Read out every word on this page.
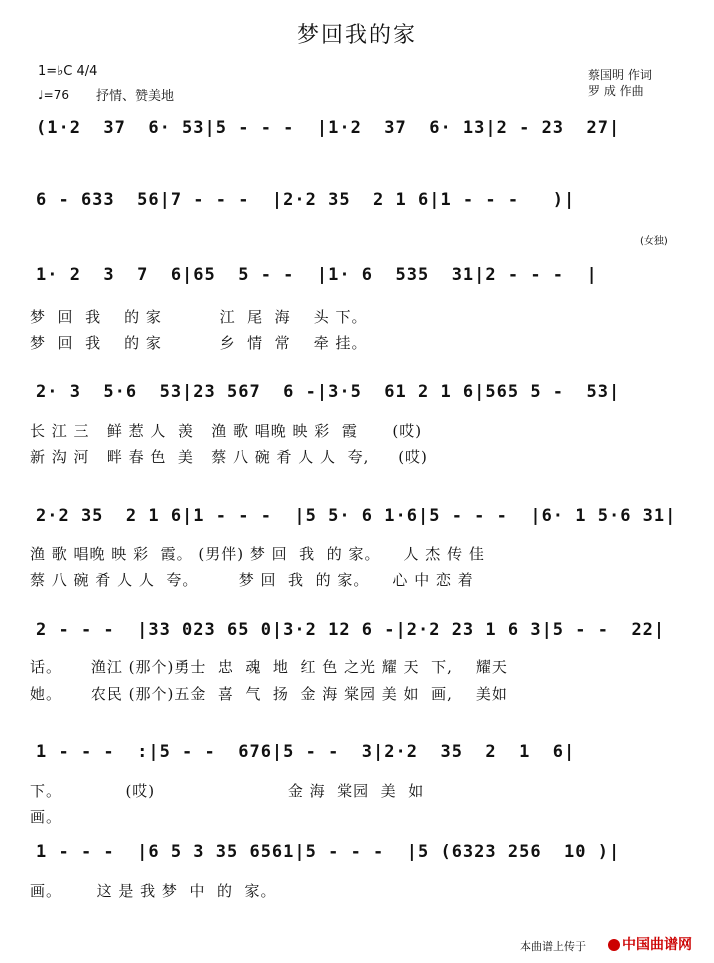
梦回我的家
1=♭C 4/4
♩=76 抒情、赞美地
蔡国明 作词
罗 成 作曲
(1·2  37  6· 53|5 - - -  |1·2  37  6· 13|2 - 23  27|
6 - 633  56|7 - - -  |2·2 35  2 1 6|1 - - -   )|
(女独)
1· 2  3  7  6|65  5 - -  |1· 6  535  31|2 - - -  |
梦  回  我    的 家          江  尾  海    头 下。
梦  回  我    的 家          乡  情  常    牵 挂。
2· 3  5·6  53|23 567  6 -|3·5  61 2 1 6|565 5 -  53|
长 江 三   鲜 惹 人  羡   渔 歌 唱晚 映 彩  霞      (哎)
新 沟 河   畔 春 色  美   蔡 八 碗 肴 人 人  夸,     (哎)
2·2 35  2 1 6|1 - - -  |5 5· 6 1·6|5 - - -  |6· 1 5·6 31|
渔 歌 唱晚 映 彩  霞。 (男伴) 梦 回  我  的 家。    人 杰 传 佳
蔡 八 碗 肴 人 人  夸。       梦 回  我  的 家。    心 中 恋 着
2 - - -  |33 023 65 0|3·2 12 6 -|2·2 23 1 6 3|5 - -  22|
话。     渔江 (那个)勇士  忠  魂  地  红 色 之光 耀 天  下,    耀天
她。     农民 (那个)五金  喜  气  扬  金 海 棠园 美 如  画,    美如
1 - - -  :|5 - -  676|5 - -  3|2·2  35  2  1  6|
下。           (哎)                       金 海  棠园  美  如
画。
1 - - -  |6 5 3 35 6561|5 - - -  |5 (6323 256  10 )|
画。      这 是 我 梦  中  的  家。
本曲谱上传于	中国曲谱网
